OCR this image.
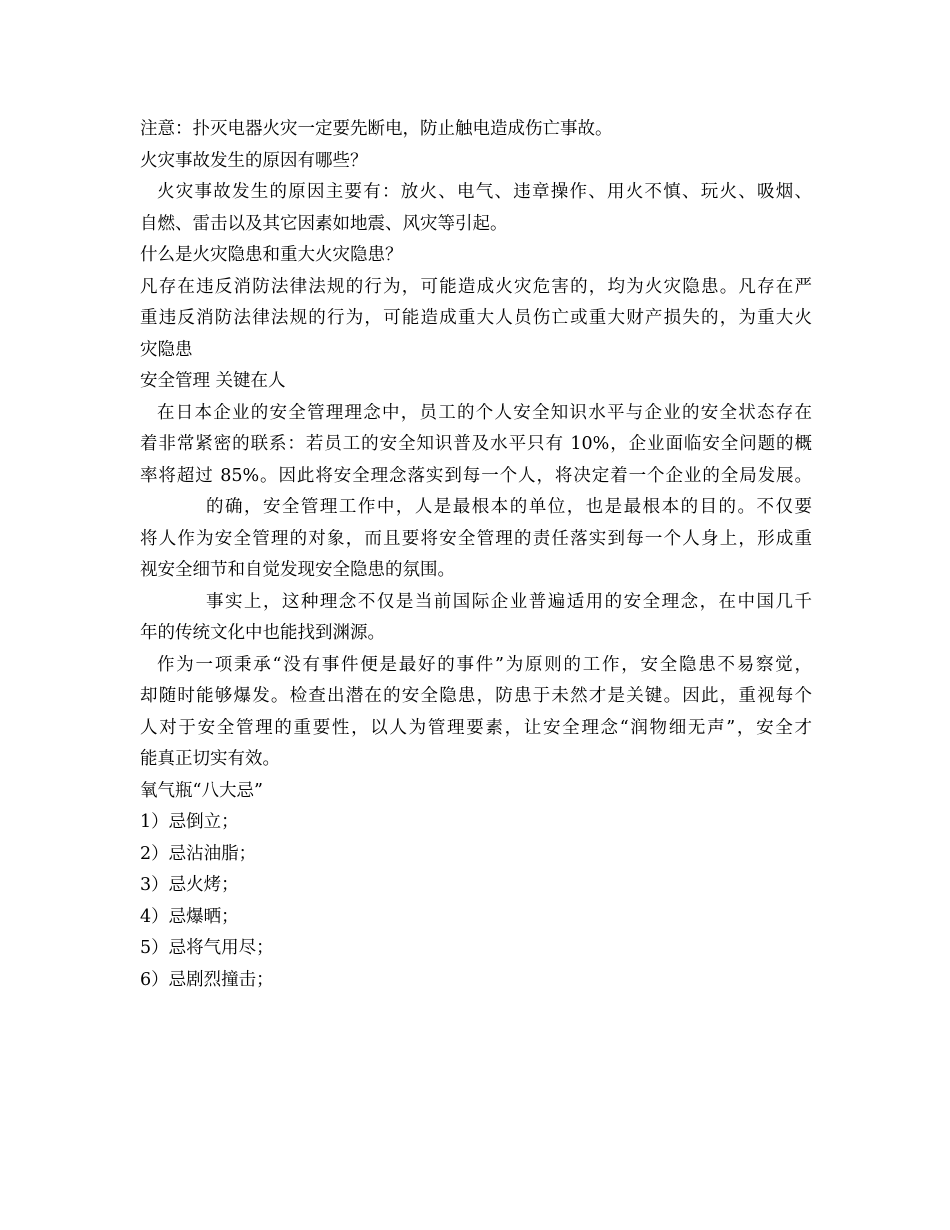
注意：扑灭电器火灾一定要先断电，防止触电造成伤亡事故。

火灾事故发生的原因有哪些？

火灾事故发生的原因主要有：放火、电气、违章操作、用火不慎、玩火、吸烟、

自燃、雷击以及其它因素如地震、风灾等引起。

什么是火灾隐患和重大火灾隐患？

凡存在违反消防法律法规的行为，可能造成火灾危害的，均为火灾隐患。凡存在严

重违反消防法律法规的行为，可能造成重大人员伤亡或重大财产损失的，为重大火

灾隐患

安全管理 关键在人

在日本企业的安全管理理念中，员工的个人安全知识水平与企业的安全状态存在

着非常紧密的联系：若员工的安全知识普及水平只有 10%，企业面临安全问题的概

率将超过 85%。因此将安全理念落实到每一个人，将决定着一个企业的全局发展。

的确，安全管理工作中，人是最根本的单位，也是最根本的目的。不仅要

将人作为安全管理的对象，而且要将安全管理的责任落实到每一个人身上，形成重

视安全细节和自觉发现安全隐患的氛围。

事实上，这种理念不仅是当前国际企业普遍适用的安全理念，在中国几千

年的传统文化中也能找到渊源。

作为一项秉承“没有事件便是最好的事件”为原则的工作，安全隐患不易察觉，

却随时能够爆发。检查出潜在的安全隐患，防患于未然才是关键。因此，重视每个

人对于安全管理的重要性，以人为管理要素，让安全理念“润物细无声”，安全才

能真正切实有效。

氧气瓶“八大忌”

1）忌倒立；

2）忌沾油脂；

3）忌火烤；

4）忌爆晒；

5）忌将气用尽；

6）忌剧烈撞击；
